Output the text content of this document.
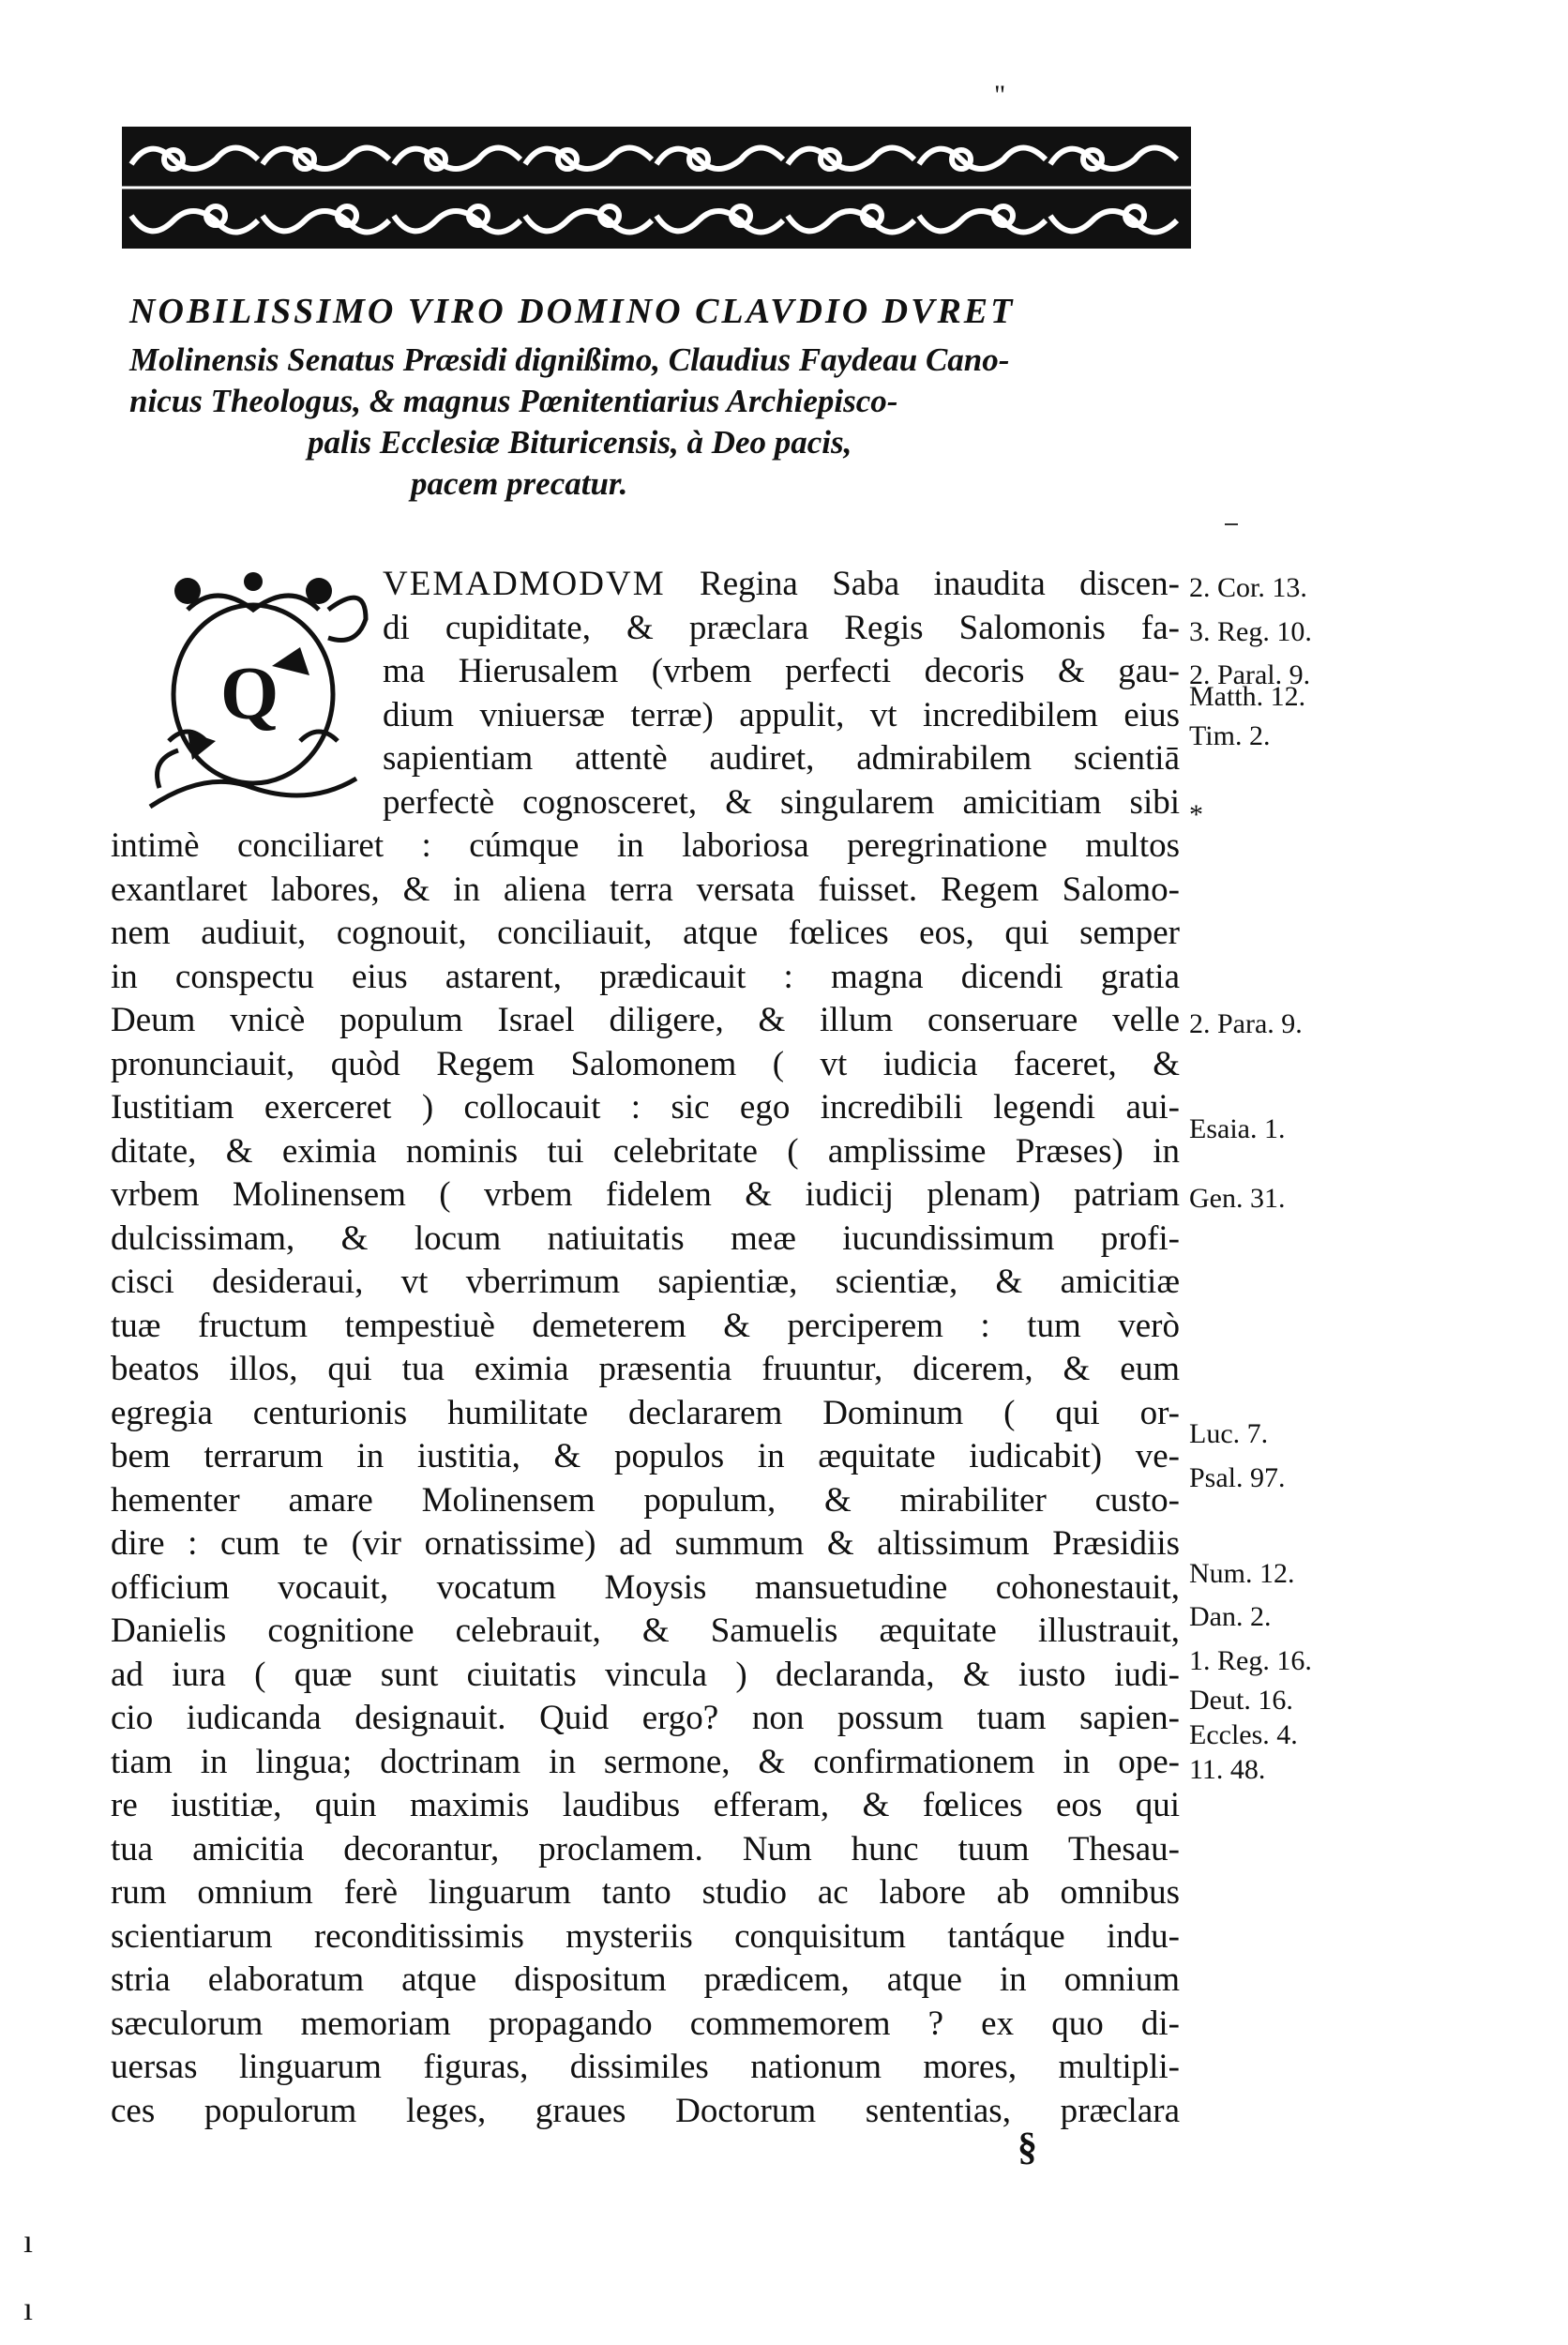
"
NOBILISSIMO VIRO DOMINO CLAVDIO DVRET
Molinensis Senatus Præsidi dignißimo, Claudius Faydeau Cano-
nicus Theologus, & magnus Pœnitentiarius Archiepisco-
palis Ecclesiæ Bituricensis, à Deo pacis,
pacem precatur.
Q
VEMADMODVM Regina Saba inaudita discen-
di cupiditate, & præclara Regis Salomonis fa-
ma Hierusalem (vrbem perfecti decoris & gau-
dium vniuersæ terræ) appulit, vt incredibilem eius
sapientiam attentè audiret, admirabilem scientiā
perfectè cognosceret, & singularem amicitiam sibi
intimè conciliaret : cúmque in laboriosa peregrinatione multos
exantlaret labores, & in aliena terra versata fuisset. Regem Salomo-
nem audiuit, cognouit, conciliauit, atque fœlices eos, qui semper
in conspectu eius astarent, prædicauit : magna dicendi gratia
Deum vnicè populum Israel diligere, & illum conseruare velle
pronunciauit, quòd Regem Salomonem ( vt iudicia faceret, &
Iustitiam exerceret ) collocauit : sic ego incredibili legendi aui-
ditate, & eximia nominis tui celebritate ( amplissime Præses) in
vrbem Molinensem ( vrbem fidelem & iudicij plenam) patriam
dulcissimam, & locum natiuitatis meæ iucundissimum profi-
cisci desideraui, vt vberrimum sapientiæ, scientiæ, & amicitiæ
tuæ fructum tempestiuè demeterem & perciperem : tum verò
beatos illos, qui tua eximia præsentia fruuntur, dicerem, & eum
egregia centurionis humilitate declararem Dominum ( qui or-
bem terrarum in iustitia, & populos in æquitate iudicabit) ve-
hementer amare Molinensem populum, & mirabiliter custo-
dire : cum te (vir ornatissime) ad summum & altissimum Præsidiis
officium vocauit, vocatum Moysis mansuetudine cohonestauit,
Danielis cognitione celebrauit, & Samuelis æquitate illustrauit,
ad iura ( quæ sunt ciuitatis vincula ) declaranda, & iusto iudi-
cio iudicanda designauit. Quid ergo? non possum tuam sapien-
tiam in lingua; doctrinam in sermone, & confirmationem in ope-
re iustitiæ, quin maximis laudibus efferam, & fœlices eos qui
tua amicitia decorantur, proclamem. Num hunc tuum Thesau-
rum omnium ferè linguarum tanto studio ac labore ab omnibus
scientiarum reconditissimis mysteriis conquisitum tantáque indu-
stria elaboratum atque dispositum prædicem, atque in omnium
sæculorum memoriam propagando commemorem ? ex quo di-
uersas linguarum figuras, dissimiles nationum mores, multipli-
ces populorum leges, graues Doctorum sententias, præclara
2. Cor. 13.
3. Reg. 10.
2. Paral. 9.
Matth. 12.
Tim. 2.
*
2. Para. 9.
Esaia. 1.
Gen. 31.
Luc. 7.
Psal. 97.
Num. 12.
Dan. 2.
1. Reg. 16.
Deut. 16.
Eccles. 4.
11. 48.
§
ı
ı
